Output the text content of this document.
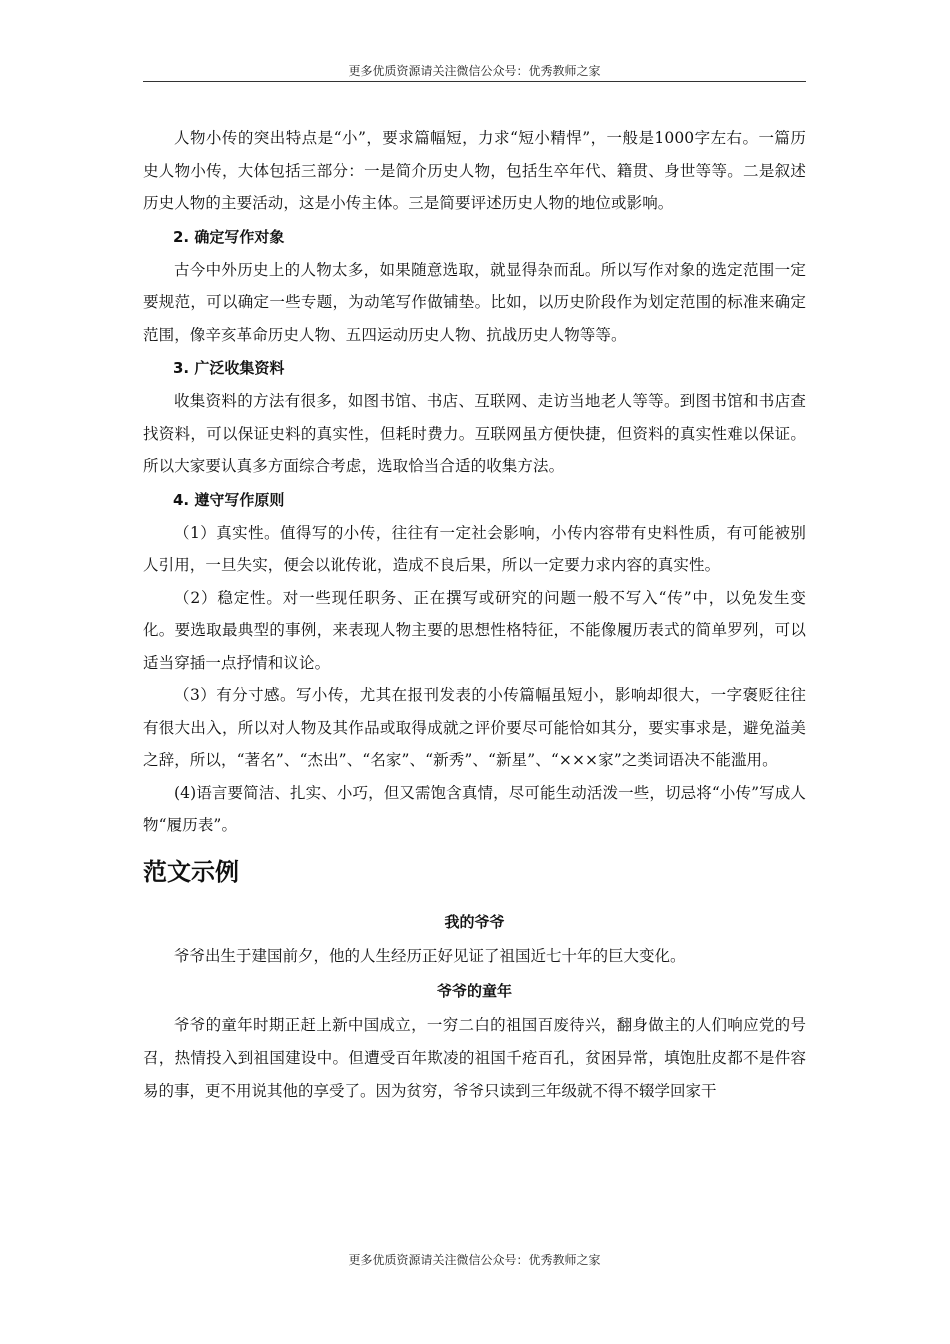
更多优质资源请关注微信公众号：优秀教师之家

人物小传的突出特点是“小”，要求篇幅短，力求“短小精悍”，一般是1000字左右。一篇历史人物小传，大体包括三部分：一是简介历史人物，包括生卒年代、籍贯、身世等等。二是叙述历史人物的主要活动，这是小传主体。三是简要评述历史人物的地位或影响。

2. 确定写作对象

古今中外历史上的人物太多，如果随意选取，就显得杂而乱。所以写作对象的选定范围一定要规范，可以确定一些专题，为动笔写作做铺垫。比如，以历史阶段作为划定范围的标准来确定范围，像辛亥革命历史人物、五四运动历史人物、抗战历史人物等等。

3. 广泛收集资料

收集资料的方法有很多，如图书馆、书店、互联网、走访当地老人等等。到图书馆和书店查找资料，可以保证史料的真实性，但耗时费力。互联网虽方便快捷，但资料的真实性难以保证。所以大家要认真多方面综合考虑，选取恰当合适的收集方法。

4. 遵守写作原则

（1）真实性。值得写的小传，往往有一定社会影响，小传内容带有史料性质，有可能被别人引用，一旦失实，便会以讹传讹，造成不良后果，所以一定要力求内容的真实性。

（2）稳定性。对一些现任职务、正在撰写或研究的问题一般不写入“传”中，以免发生变化。要选取最典型的事例，来表现人物主要的思想性格特征，不能像履历表式的简单罗列，可以适当穿插一点抒情和议论。

（3）有分寸感。写小传，尤其在报刊发表的小传篇幅虽短小，影响却很大，一字褒贬往往有很大出入，所以对人物及其作品或取得成就之评价要尽可能恰如其分，要实事求是，避免溢美之辞，所以，“著名”、“杰出”、“名家”、“新秀”、“新星”、“×××家”之类词语决不能滥用。

(4)语言要简洁、扎实、小巧，但又需饱含真情，尽可能生动活泼一些，切忌将“小传”写成人物“履历表”。

范文示例
我的爷爷

爷爷出生于建国前夕，他的人生经历正好见证了祖国近七十年的巨大变化。

爷爷的童年

爷爷的童年时期正赶上新中国成立，一穷二白的祖国百废待兴，翻身做主的人们响应党的号召，热情投入到祖国建设中。但遭受百年欺凌的祖国千疮百孔，贫困异常，填饱肚皮都不是件容易的事，更不用说其他的享受了。因为贫穷，爷爷只读到三年级就不得不辍学回家干

更多优质资源请关注微信公众号：优秀教师之家
